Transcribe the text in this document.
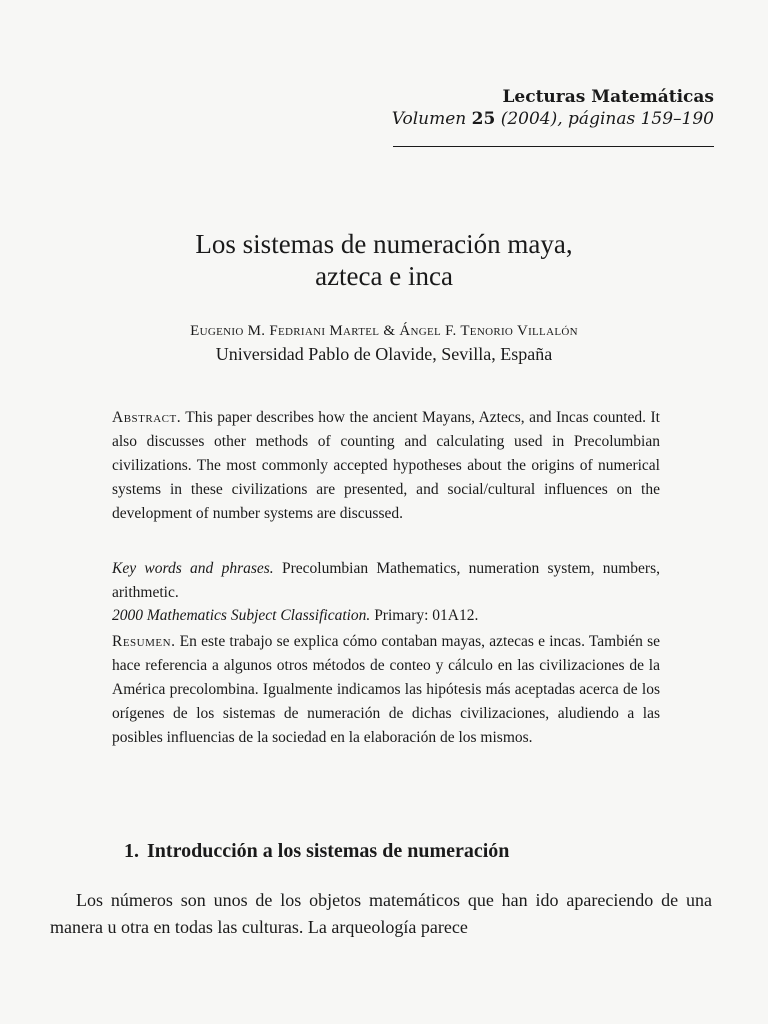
Lecturas Matemáticas
Volumen 25 (2004), páginas 159–190
Los sistemas de numeración maya,
azteca e inca
Eugenio M. Fedriani Martel & Ángel F. Tenorio Villalón
Universidad Pablo de Olavide, Sevilla, España
Abstract. This paper describes how the ancient Mayans, Aztecs, and Incas counted. It also discusses other methods of counting and calculating used in Precolumbian civilizations. The most commonly accepted hypotheses about the origins of numerical systems in these civilizations are presented, and social/cultural influences on the development of number systems are discussed.
Key words and phrases. Precolumbian Mathematics, numeration system, numbers, arithmetic.
2000 Mathematics Subject Classification. Primary: 01A12.
Resumen. En este trabajo se explica cómo contaban mayas, aztecas e incas. También se hace referencia a algunos otros métodos de conteo y cálculo en las civilizaciones de la América precolombina. Igualmente indicamos las hipótesis más aceptadas acerca de los orígenes de los sistemas de numeración de dichas civilizaciones, aludiendo a las posibles influencias de la sociedad en la elaboración de los mismos.
1. Introducción a los sistemas de numeración
Los números son unos de los objetos matemáticos que han ido apareciendo de una manera u otra en todas las culturas. La arqueología parece
